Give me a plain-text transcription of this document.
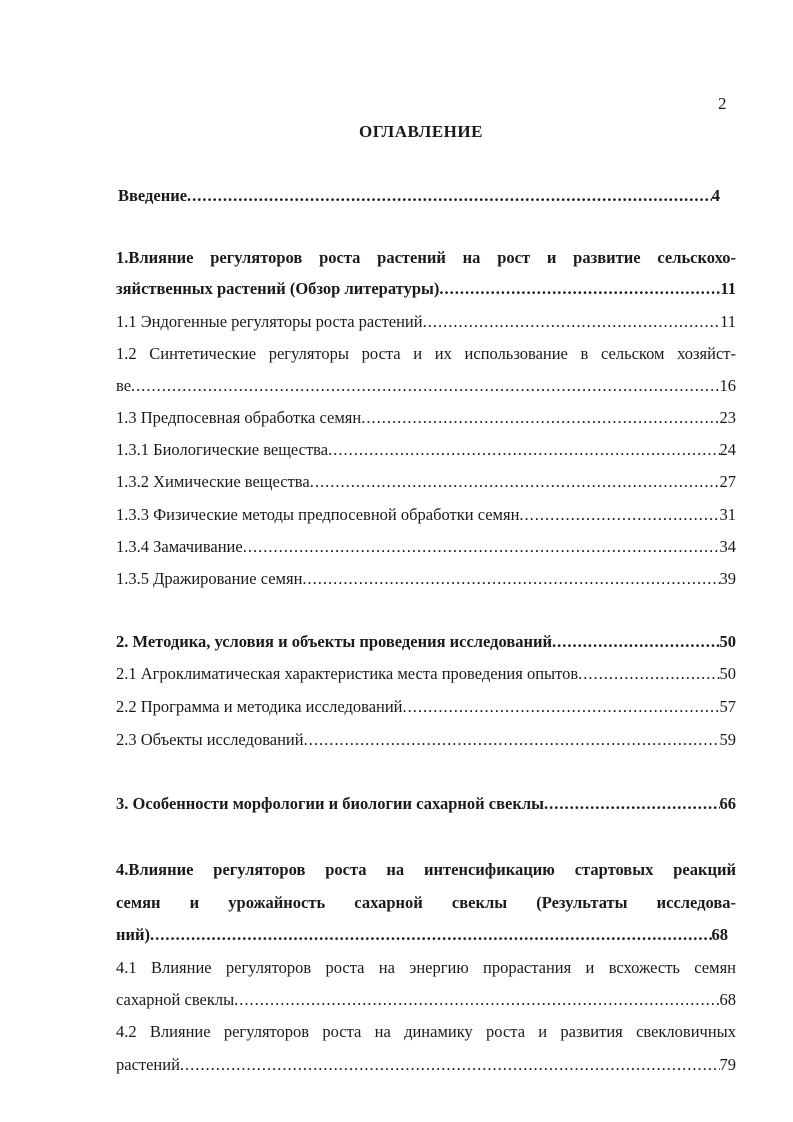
2
ОГЛАВЛЕНИЕ
Введение .....	4
1.Влияние регуляторов роста растений на рост и развитие сельскохо-
зяйственных растений (Обзор литературы) .....	11
1.1 Эндогенные регуляторы роста растений .....	11
1.2 Синтетические регуляторы роста и их использование в сельском хозяйст-
ве .....	16
1.3 Предпосевная обработка семян .....	23
1.3.1 Биологические вещества .....	24
1.3.2 Химические вещества .....	27
1.3.3 Физические методы предпосевной обработки семян .....	31
1.3.4 Замачивание .....	34
1.3.5 Дражирование семян .....	39
2. Методика, условия и объекты проведения исследований .....	50
2.1 Агроклиматическая характеристика места проведения опытов .....	50
2.2 Программа и методика исследований .....	57
2.3 Объекты исследований .....	59
3. Особенности морфологии и биологии сахарной свеклы .....	66
4.Влияние регуляторов роста на интенсификацию стартовых реакций
семян и урожайность сахарной свеклы (Результаты исследова-
ний) .....	68
4.1 Влияние регуляторов роста на энергию прорастания и всхожесть семян
сахарной свеклы .....	68
4.2 Влияние регуляторов роста на динамику роста и развития свекловичных
растений .....	79
